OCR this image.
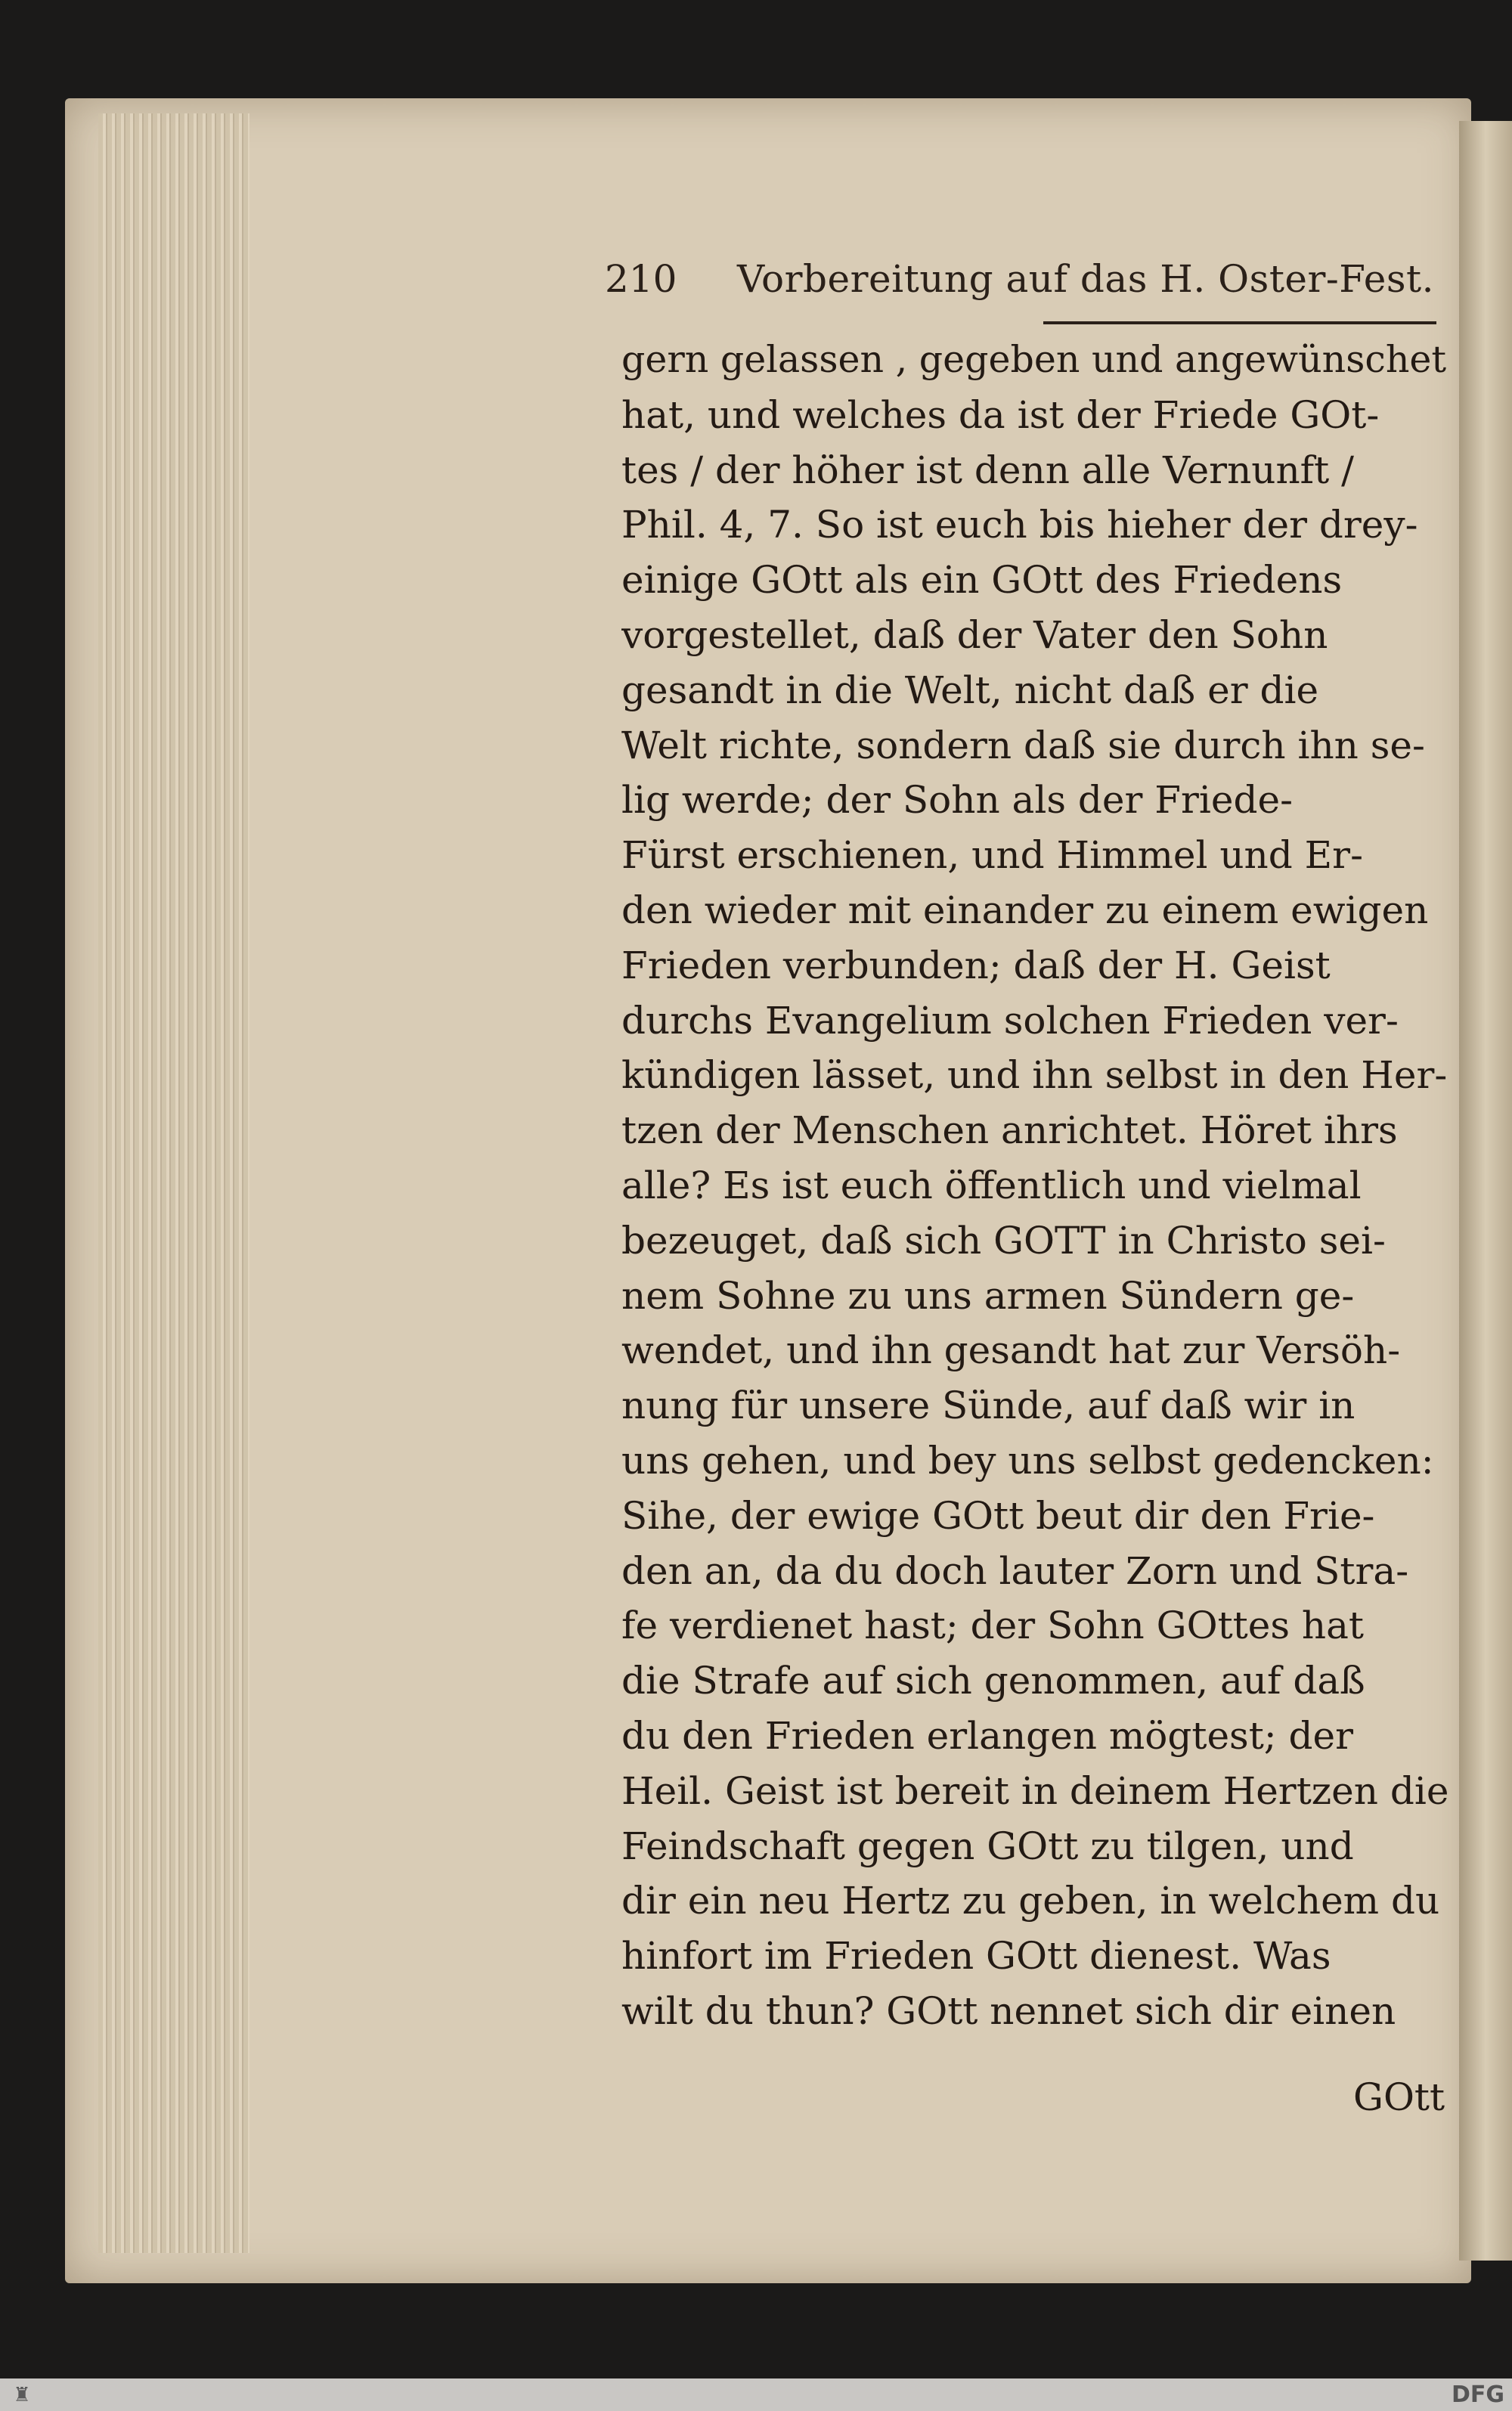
210 Vorbereitung auf das H. Oster-Fest.
gern gelassen , gegeben und angewünschet
hat, und welches da ist der Friede GOt-
tes / der höher ist denn alle Vernunft /
Phil. 4, 7. So ist euch bis hieher der drey-
einige GOtt als ein GOtt des Friedens
vorgestellet, daß der Vater den Sohn
gesandt in die Welt, nicht daß er die
Welt richte, sondern daß sie durch ihn se-
lig werde; der Sohn als der Friede-
Fürst erschienen, und Himmel und Er-
den wieder mit einander zu einem ewigen
Frieden verbunden; daß der H. Geist
durchs Evangelium solchen Frieden ver-
kündigen lässet, und ihn selbst in den Her-
tzen der Menschen anrichtet. Höret ihrs
alle? Es ist euch öffentlich und vielmal
bezeuget, daß sich GOTT in Christo sei-
nem Sohne zu uns armen Sündern ge-
wendet, und ihn gesandt hat zur Versöh-
nung für unsere Sünde, auf daß wir in
uns gehen, und bey uns selbst gedencken:
Sihe, der ewige GOtt beut dir den Frie-
den an, da du doch lauter Zorn und Stra-
fe verdienet hast; der Sohn GOttes hat
die Strafe auf sich genommen, auf daß
du den Frieden erlangen mögtest; der
Heil. Geist ist bereit in deinem Hertzen die
Feindschaft gegen GOtt zu tilgen, und
dir ein neu Hertz zu geben, in welchem du
hinfort im Frieden GOtt dienest. Was
wilt du thun? GOtt nennet sich dir einen
GOtt
♜	DFG
